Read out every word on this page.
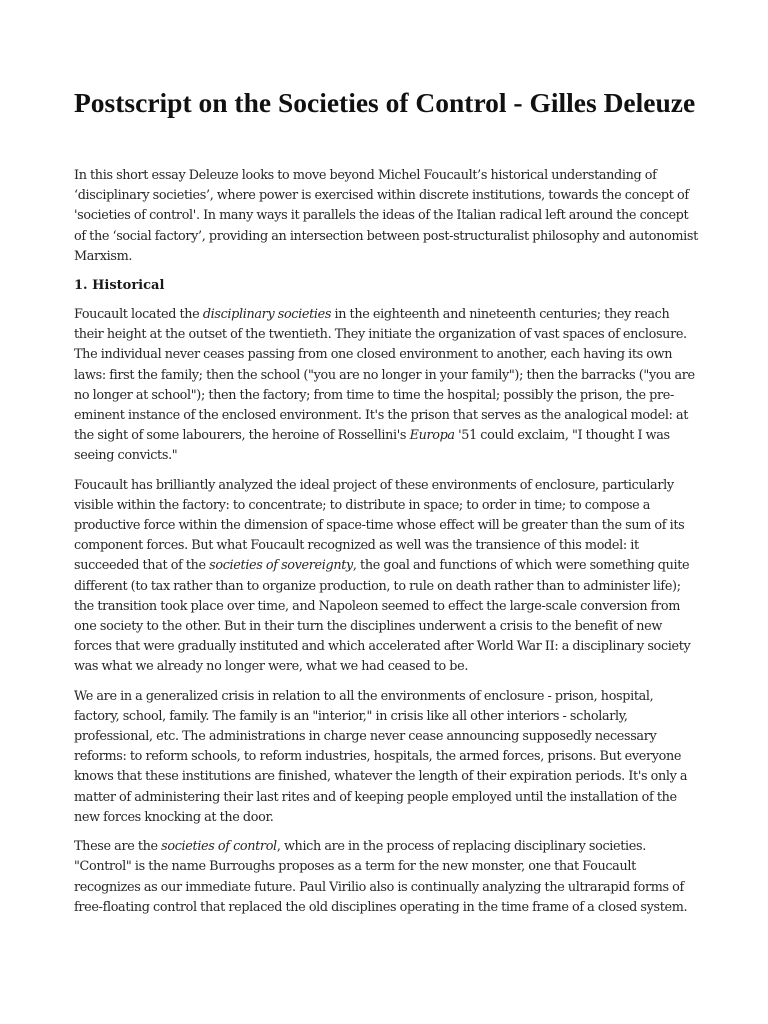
Postscript on the Societies of Control - Gilles Deleuze

In this short essay Deleuze looks to move beyond Michel Foucault’s historical understanding of ‘disciplinary societies’, where power is exercised within discrete institutions, towards the concept of 'societies of control'. In many ways it parallels the ideas of the Italian radical left around the concept of the ‘social factory’, providing an intersection between post-structuralist philosophy and autonomist Marxism.

1. Historical

Foucault located the disciplinary societies in the eighteenth and nineteenth centuries; they reach their height at the outset of the twentieth. They initiate the organization of vast spaces of enclosure. The individual never ceases passing from one closed environment to another, each having its own laws: first the family; then the school ("you are no longer in your family"); then the barracks ("you are no longer at school"); then the factory; from time to time the hospital; possibly the prison, the pre-eminent instance of the enclosed environment. It's the prison that serves as the analogical model: at the sight of some labourers, the heroine of Rossellini's Europa '51 could exclaim, "I thought I was seeing convicts."

Foucault has brilliantly analyzed the ideal project of these environments of enclosure, particularly visible within the factory: to concentrate; to distribute in space; to order in time; to compose a productive force within the dimension of space-time whose effect will be greater than the sum of its component forces. But what Foucault recognized as well was the transience of this model: it succeeded that of the societies of sovereignty, the goal and functions of which were something quite different (to tax rather than to organize production, to rule on death rather than to administer life); the transition took place over time, and Napoleon seemed to effect the large-scale conversion from one society to the other. But in their turn the disciplines underwent a crisis to the benefit of new forces that were gradually instituted and which accelerated after World War II: a disciplinary society was what we already no longer were, what we had ceased to be.

We are in a generalized crisis in relation to all the environments of enclosure - prison, hospital, factory, school, family. The family is an "interior," in crisis like all other interiors - scholarly, professional, etc. The administrations in charge never cease announcing supposedly necessary reforms: to reform schools, to reform industries, hospitals, the armed forces, prisons. But everyone knows that these institutions are finished, whatever the length of their expiration periods. It's only a matter of administering their last rites and of keeping people employed until the installation of the new forces knocking at the door.

These are the societies of control, which are in the process of replacing disciplinary societies. "Control" is the name Burroughs proposes as a term for the new monster, one that Foucault recognizes as our immediate future. Paul Virilio also is continually analyzing the ultrarapid forms of free-floating control that replaced the old disciplines operating in the time frame of a closed system.
